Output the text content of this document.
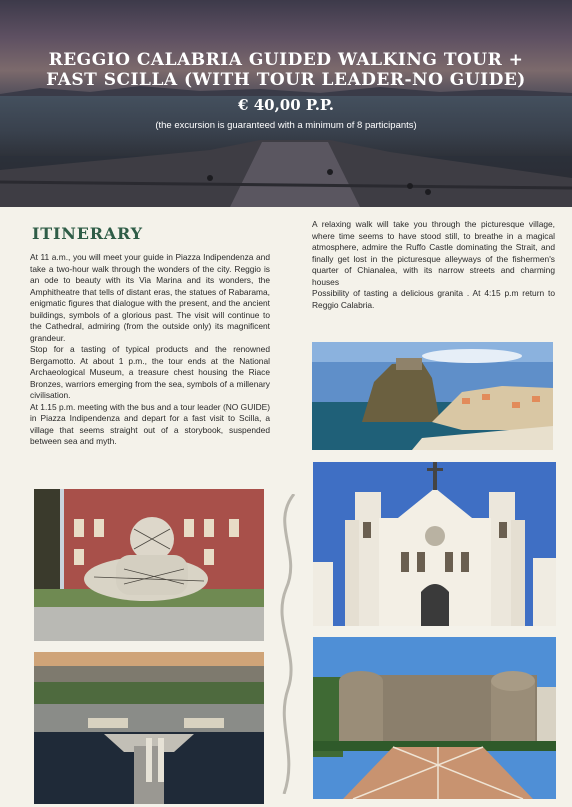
REGGIO CALABRIA GUIDED WALKING TOUR +
FAST SCILLA (WITH TOUR LEADER-NO GUIDE)
€ 40,00 P.P.
(the excursion is guaranteed with a minimum of 8 participants)
ITINERARY

At 11 a.m., you will meet your guide in Piazza Indipendenza and take a two-hour walk through the wonders of the city. Reggio is an ode to beauty with its Via Marina and its wonders, the Amphitheatre that tells of distant eras, the statues of Rabarama, enigmatic figures that dialogue with the present, and the ancient buildings, symbols of a glorious past. The visit will continue to the Cathedral, admiring (from the outside only) its magnificent grandeur.

Stop for a tasting of typical products and the renowned Bergamotto. At about 1 p.m., the tour ends at the National Archaeological Museum, a treasure chest housing the Riace Bronzes, warriors emerging from the sea, symbols of a millenary civilisation.

At 1.15 p.m. meeting with the bus and a tour leader (NO GUIDE) in Piazza Indipendenza and depart for a fast visit to Scilla, a village that seems straight out of a storybook, suspended between sea and myth.

A relaxing walk will take you through the picturesque village, where time seems to have stood still, to breathe in a magical atmosphere, admire the Ruffo Castle dominating the Strait, and finally get lost in the picturesque alleyways of the fishermen's quarter of Chianalea, with its narrow streets and charming houses

Possibility of tasting a delicious granita . At 4:15 p.m return to Reggio Calabria.
